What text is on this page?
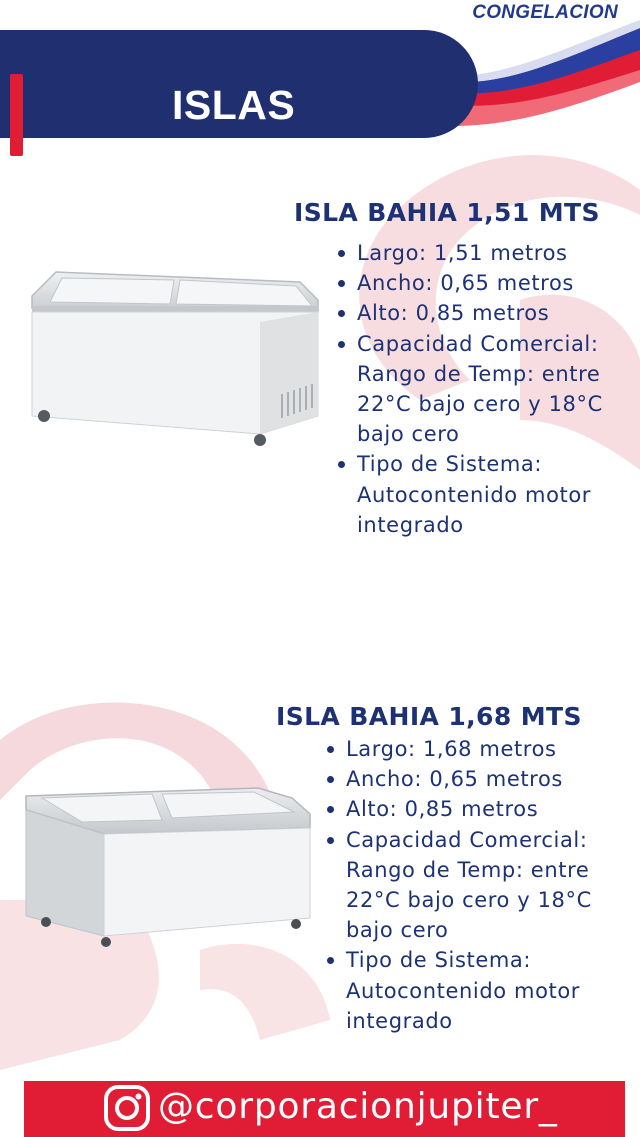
CONGELACION
ISLAS
ISLA BAHIA 1,51 MTS
Largo: 1,51 metros
Ancho: 0,65 metros
Alto: 0,85 metros
Capacidad Comercial: Rango de Temp: entre 22°C bajo cero y 18°C bajo cero
Tipo de Sistema: Autocontenido motor integrado
ISLA BAHIA 1,68 MTS
Largo: 1,68 metros
Ancho: 0,65 metros
Alto: 0,85 metros
Capacidad Comercial: Rango de Temp: entre 22°C bajo cero y 18°C bajo cero
Tipo de Sistema: Autocontenido motor integrado
@corporacionjupiter_
